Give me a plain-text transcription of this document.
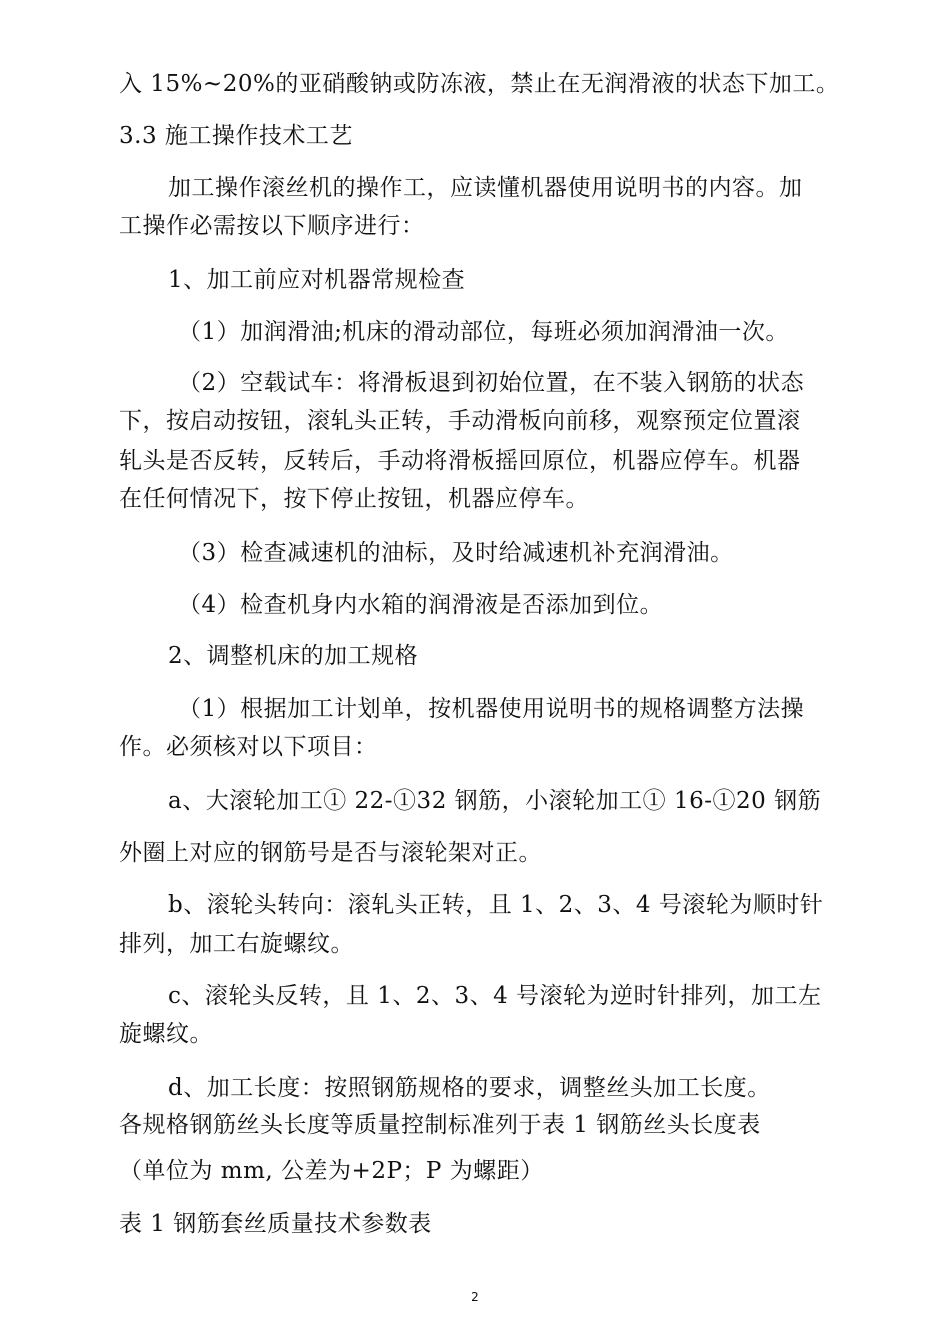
入 15%~20%的亚硝酸钠或防冻液，禁止在无润滑液的状态下加工。

3.3 施工操作技术工艺

加工操作滚丝机的操作工，应读懂机器使用说明书的内容。加

工操作必需按以下顺序进行：

1、加工前应对机器常规检查

（1）加润滑油;机床的滑动部位，每班必须加润滑油一次。

（2）空载试车：将滑板退到初始位置，在不装入钢筋的状态

下，按启动按钮，滚轧头正转，手动滑板向前移，观察预定位置滚

轧头是否反转，反转后，手动将滑板摇回原位，机器应停车。机器

在任何情况下，按下停止按钮，机器应停车。

（3）检查减速机的油标，及时给减速机补充润滑油。

（4）检查机身内水箱的润滑液是否添加到位。

2、调整机床的加工规格

（1）根据加工计划单，按机器使用说明书的规格调整方法操

作。必须核对以下项目：

a、大滚轮加工① 22-①32 钢筋，小滚轮加工① 16-①20 钢筋

外圈上对应的钢筋号是否与滚轮架对正。

b、滚轮头转向：滚轧头正转，且 1、2、3、4 号滚轮为顺时针

排列，加工右旋螺纹。

c、滚轮头反转，且 1、2、3、4 号滚轮为逆时针排列，加工左

旋螺纹。

d、加工长度：按照钢筋规格的要求，调整丝头加工长度。

各规格钢筋丝头长度等质量控制标准列于表 1 钢筋丝头长度表

（单位为 mm, 公差为+2P；P 为螺距）

表 1 钢筋套丝质量技术参数表

2
